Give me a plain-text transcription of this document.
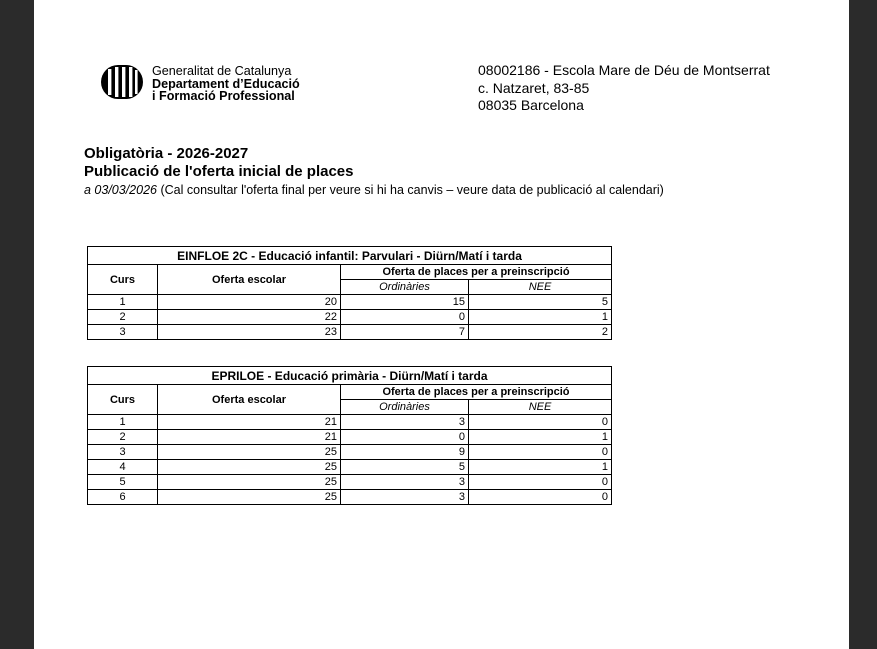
Generalitat de Catalunya
Departament d’Educació
i Formació Professional
08002186 - Escola Mare de Déu de Montserrat
c. Natzaret, 83-85
08035 Barcelona
Obligatòria - 2026-2027
Publicació de l'oferta inicial de places
a 03/03/2026 (Cal consultar l'oferta final per veure si hi ha canvis – veure data de publicació al calendari)
EINFLOE 2C - Educació infantil: Parvulari - Diürn/Matí i tarda			
Curs	Oferta escolar	Oferta de places per a preinscripció	
		Ordinàries	NEE
1	20	15	5
2	22	0	1
3	23	7	2
EPRILOE - Educació primària - Diürn/Matí i tarda			
Curs	Oferta escolar	Oferta de places per a preinscripció	
		Ordinàries	NEE
1	21	3	0
2	21	0	1
3	25	9	0
4	25	5	1
5	25	3	0
6	25	3	0
